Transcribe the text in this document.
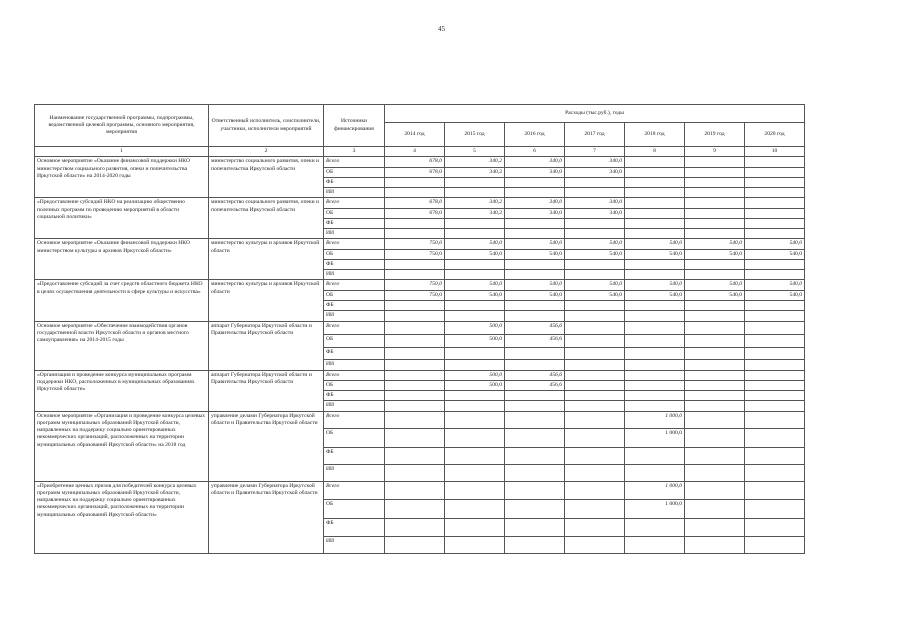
45
Наименование государственной программы, подпрограммы, ведомственной целевой программы, основного мероприятия, мероприятия	Ответственный исполнитель, соисполнители, участники, исполнители мероприятий	Источники финансирования	Расходы (тыс.руб.), годы						
			2014 год	2015 год	2016 год	2017 год	2018 год	2019 год	2020 год
1	2	3	4	5	6	7	8	9	10
Основное мероприятие «Оказание финансовой поддержки НКО министерством социального развития, опеки и попечительства Иркутской области» на 2014-2020 годы	министерство социального развития, опеки и попечительства Иркутской области	Всего	678,0	340,2	340,0	340,0			
		ОБ	678,0	340,2	340,0	340,0			
		ФБ							
		ИИ							
«Предоставление субсидий НКО на реализацию общественно полезных программ по проведению мероприятий в области социальной политики»	министерство социального развития, опеки и попечительства Иркутской области	Всего	678,0	340,2	340,0	340,0			
		ОБ	678,0	340,2	340,0	340,0			
		ФБ							
		ИИ							
Основное мероприятие «Оказание финансовой поддержки НКО министерством культуры и архивов Иркутской области»	министерство культуры и архивов Иркутской области	Всего	750,0	540,0	540,0	540,0	540,0	540,0	540,0
		ОБ	750,0	540,0	540,0	540,0	540,0	540,0	540,0
		ФБ							
		ИИ							
«Предоставление субсидий за счет средств областного бюджета НКО в целях осуществления деятельности в сфере культуры и искусства»	министерство культуры и архивов Иркутской области	Всего	750,0	540,0	540,0	540,0	540,0	540,0	540,0
		ОБ	750,0	540,0	540,0	540,0	540,0	540,0	540,0
		ФБ							
		ИИ							
Основное мероприятие «Обеспечение взаимодействия органов государственной власти Иркутской области и органов местного самоуправления» на 2014-2015 годы	аппарат Губернатора Иркутской области и Правительства Иркутской области	Всего		500,0	456,6				
		ОБ		500,0	456,6				
		ФБ							
		ИИ							
«Организация и проведение конкурса муниципальных программ поддержки НКО, расположенных в муниципальных образованиях Иркутской области»	аппарат Губернатора Иркутской области и Правительства Иркутской области	Всего		500,0	456,6				
		ОБ		500,0	456,6				
		ФБ							
		ИИ							
Основное мероприятие «Организация и проведение конкурса целевых программ муниципальных образований Иркутской области, направленных на поддержку социально ориентированных некоммерческих организаций, расположенных на территории муниципальных образований Иркутской области» на 2018 год	управление делами Губернатора Иркутской области и Правительства Иркутской области	Всего					1 000,0		
		ОБ					1 000,0		
		ФБ							
		ИИ							
«Приобретение ценных призов для победителей конкурса целевых программ муниципальных образований Иркутской области, направленных на поддержку социально ориентированных некоммерческих организаций, расположенных на территории муниципальных образований Иркутской области»	управление делами Губернатора Иркутской области и Правительства Иркутской области	Всего					1 000,0		
		ОБ					1 000,0		
		ФБ							
		ИИ							
